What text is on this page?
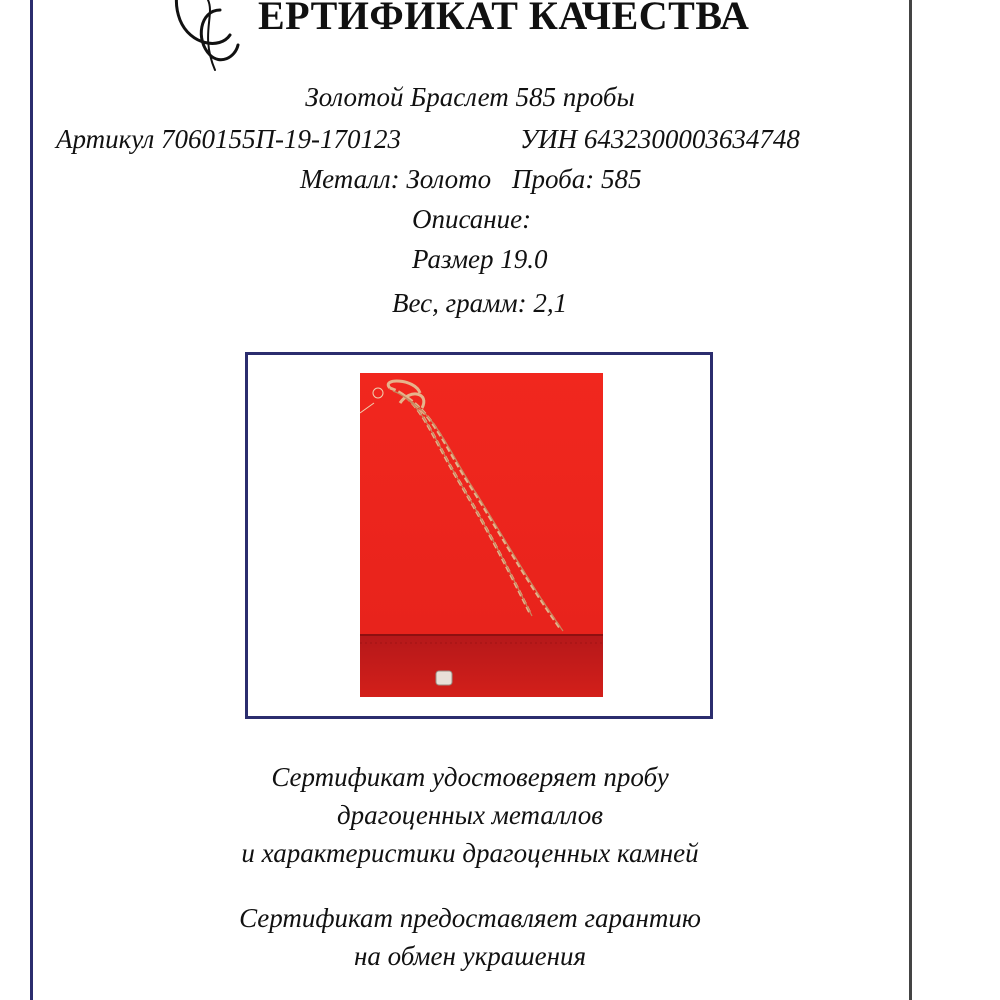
ЕРТИФИКАТ КАЧЕСТВА
Золотой Браслет 585 пробы
Артикул 7060155П-19-170123	УИН 6432300003634748
Металл: Золото Проба: 585
Описание:
Размер 19.0
Вес, грамм: 2,1
Сертификат удостоверяет пробу
драгоценных металлов
и характеристики драгоценных камней
Сертификат предоставляет гарантию
на обмен украшения
